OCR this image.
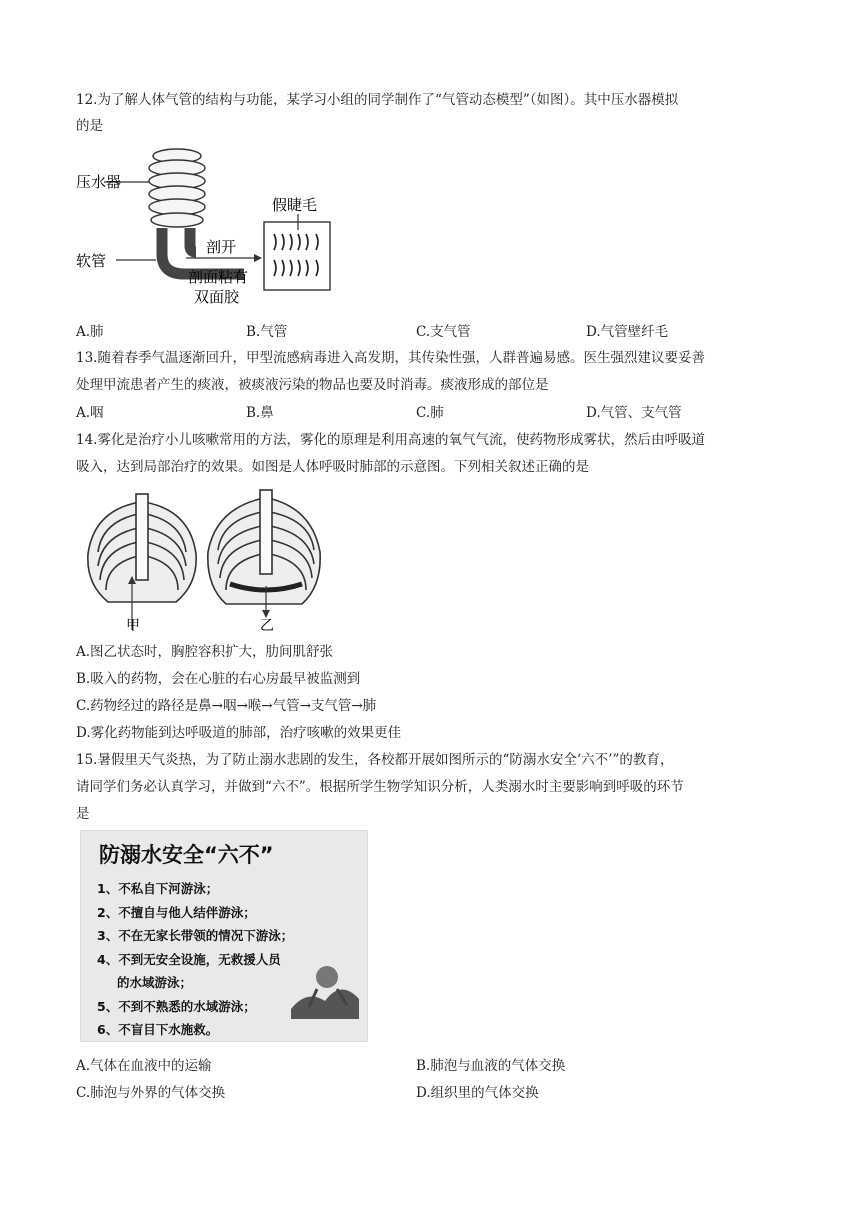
12.为了解人体气管的结构与功能，某学习小组的同学制作了“气管动态模型”（如图）。其中压水器模拟
的是
压水器
软管
假睫毛
剖开
剖面粘有
双面胶
A.肺	B.气管	C.支气管	D.气管壁纤毛
13.随着春季气温逐渐回升，甲型流感病毒进入高发期，其传染性强，人群普遍易感。医生强烈建议要妥善
处理甲流患者产生的痰液，被痰液污染的物品也要及时消毒。痰液形成的部位是
A.咽	B.鼻	C.肺	D.气管、支气管
14.雾化是治疗小儿咳嗽常用的方法，雾化的原理是利用高速的氧气气流，使药物形成雾状，然后由呼吸道
吸入，达到局部治疗的效果。如图是人体呼吸时肺部的示意图。下列相关叙述正确的是
甲	乙
A.图乙状态时，胸腔容积扩大，肋间肌舒张
B.吸入的药物，会在心脏的右心房最早被监测到
C.药物经过的路径是鼻→咽→喉→气管→支气管→肺
D.雾化药物能到达呼吸道的肺部，治疗咳嗽的效果更佳
15.暑假里天气炎热，为了防止溺水悲剧的发生，各校都开展如图所示的“防溺水安全‘六不’”的教育，
请同学们务必认真学习，并做到“六不”。根据所学生物学知识分析，人类溺水时主要影响到呼吸的环节
是
防溺水安全“六不”
1、不私自下河游泳；
2、不擅自与他人结伴游泳；
3、不在无家长带领的情况下游泳；
4、不到无安全设施，无救援人员
的水域游泳；
5、不到不熟悉的水域游泳；
6、不盲目下水施救。
A.气体在血液中的运输	B.肺泡与血液的气体交换
C.肺泡与外界的气体交换	D.组织里的气体交换
